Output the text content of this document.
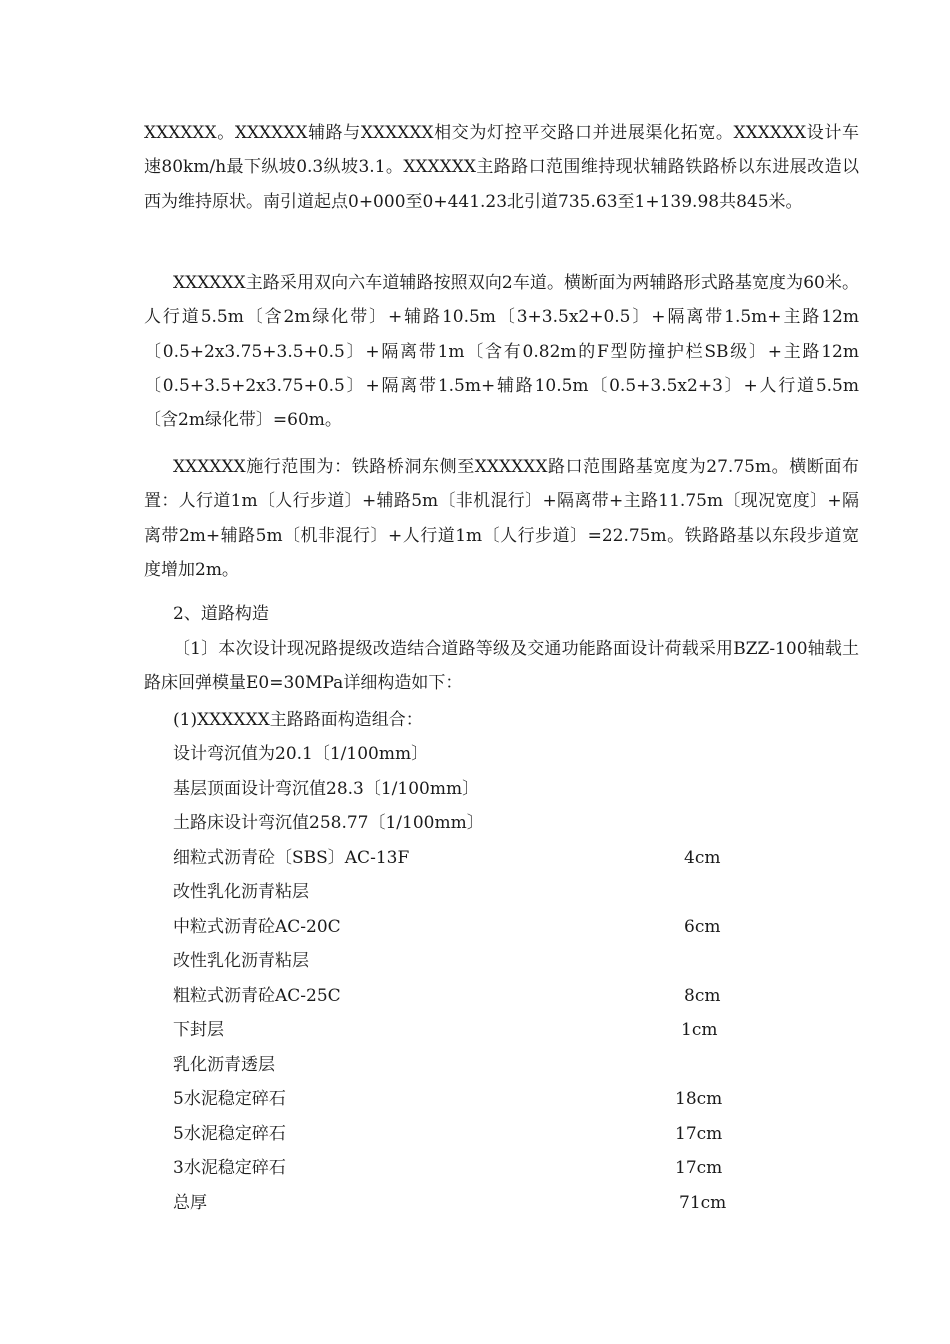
XXXXXX。XXXXXX辅路与XXXXXX相交为灯控平交路口并进展渠化拓宽。XXXXXX设计车速80km/h最下纵坡0.3纵坡3.1。XXXXXX主路路口范围维持现状辅路铁路桥以东进展改造以西为维持原状。南引道起点0+000至0+441.23北引道735.63至1+139.98共845米。

XXXXXX主路采用双向六车道辅路按照双向2车道。横断面为两辅路形式路基宽度为60米。人行道5.5m〔含2m绿化带〕+辅路10.5m〔3+3.5x2+0.5〕+隔离带1.5m+主路12m〔0.5+2x3.75+3.5+0.5〕+隔离带1m〔含有0.82m的F型防撞护栏SB级〕+主路12m〔0.5+3.5+2x3.75+0.5〕+隔离带1.5m+辅路10.5m〔0.5+3.5x2+3〕+人行道5.5m〔含2m绿化带〕=60m。

XXXXXX施行范围为：铁路桥洞东侧至XXXXXX路口范围路基宽度为27.75m。横断面布置：人行道1m〔人行步道〕+辅路5m〔非机混行〕+隔离带+主路11.75m〔现况宽度〕+隔离带2m+辅路5m〔机非混行〕+人行道1m〔人行步道〕=22.75m。铁路路基以东段步道宽度增加2m。

2、道路构造

〔1〕本次设计现况路提级改造结合道路等级及交通功能路面设计荷载采用BZZ-100轴载土路床回弹模量E0=30MPa详细构造如下：

(1)XXXXXX主路路面构造组合：

设计弯沉值为20.1〔1/100mm〕

基层顶面设计弯沉值28.3〔1/100mm〕

土路床设计弯沉值258.77〔1/100mm〕

细粒式沥青砼〔SBS〕AC-13F	4cm
改性乳化沥青粘层
中粒式沥青砼AC-20C	6cm
改性乳化沥青粘层
粗粒式沥青砼AC-25C	8cm
下封层	1cm
乳化沥青透层
5水泥稳定碎石	18cm
5水泥稳定碎石	17cm
3水泥稳定碎石	17cm
总厚	71cm
